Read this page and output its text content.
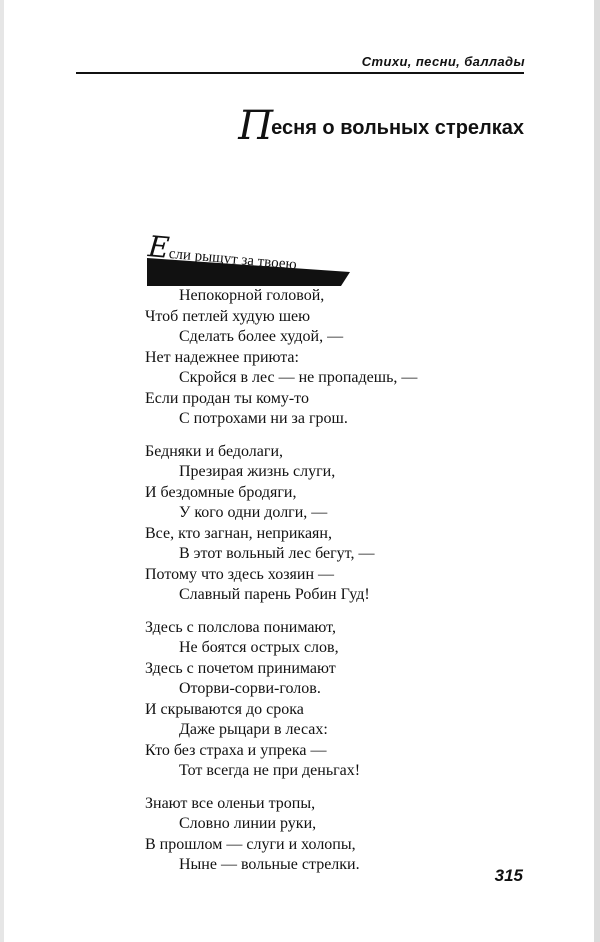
Стихи, песни, баллады
Песня о вольных стрелках
Если рыщут за твоею
Непокорной головой,
Чтоб петлей худую шею
Сделать более худой, —
Нет надежнее приюта:
Скройся в лес — не пропадешь, —
Если продан ты кому-то
С потрохами ни за грош.
Бедняки и бедолаги,
Презирая жизнь слуги,
И бездомные бродяги,
У кого одни долги, —
Все, кто загнан, неприкаян,
В этот вольный лес бегут, —
Потому что здесь хозяин —
Славный парень Робин Гуд!
Здесь с полслова понимают,
Не боятся острых слов,
Здесь с почетом принимают
Оторви-сорви-голов.
И скрываются до срока
Даже рыцари в лесах:
Кто без страха и упрека —
Тот всегда не при деньгах!
Знают все оленьи тропы,
Словно линии руки,
В прошлом — слуги и холопы,
Ныне — вольные стрелки.
315
